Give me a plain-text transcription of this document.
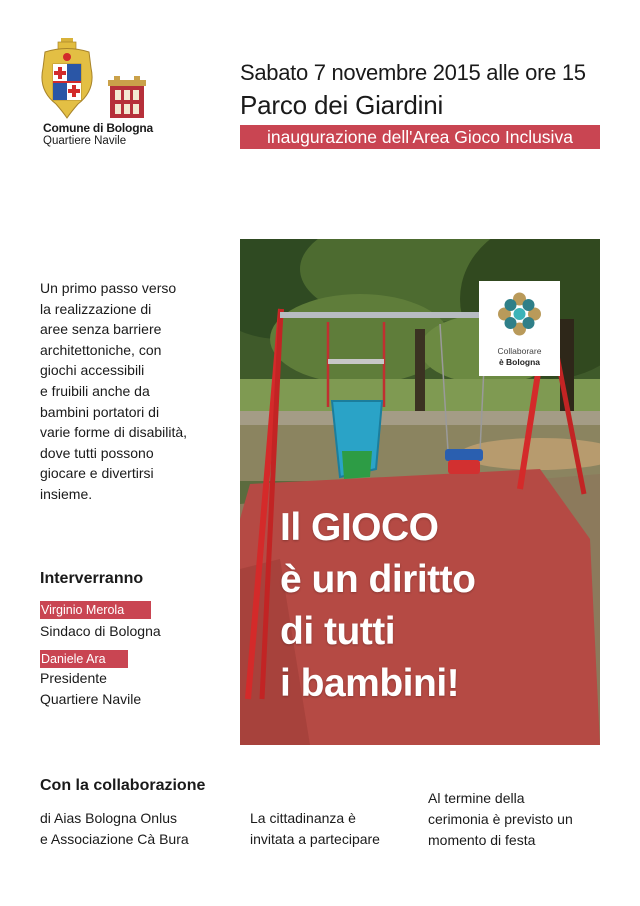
Comune di Bologna
Quartiere Navile
Sabato 7 novembre 2015 alle ore 15
Parco dei Giardini
inaugurazione dell'Area Gioco Inclusiva
Un primo passo verso
la realizzazione di
aree senza barriere
architettoniche, con
giochi accessibili
e fruibili anche da
bambini portatori di
varie forme di disabilità,
dove tutti possono
giocare e divertirsi
insieme.
Interverranno
Virginio Merola
Sindaco di Bologna
Daniele Ara
Presidente
Quartiere Navile
Collaborare
è Bologna
Il GIOCO
è un diritto
di tutti
i bambini!
Con la collaborazione
di Aias Bologna Onlus
e Associazione Cà Bura
La cittadinanza è
invitata a partecipare
Al termine della
cerimonia è previsto un
momento di festa
